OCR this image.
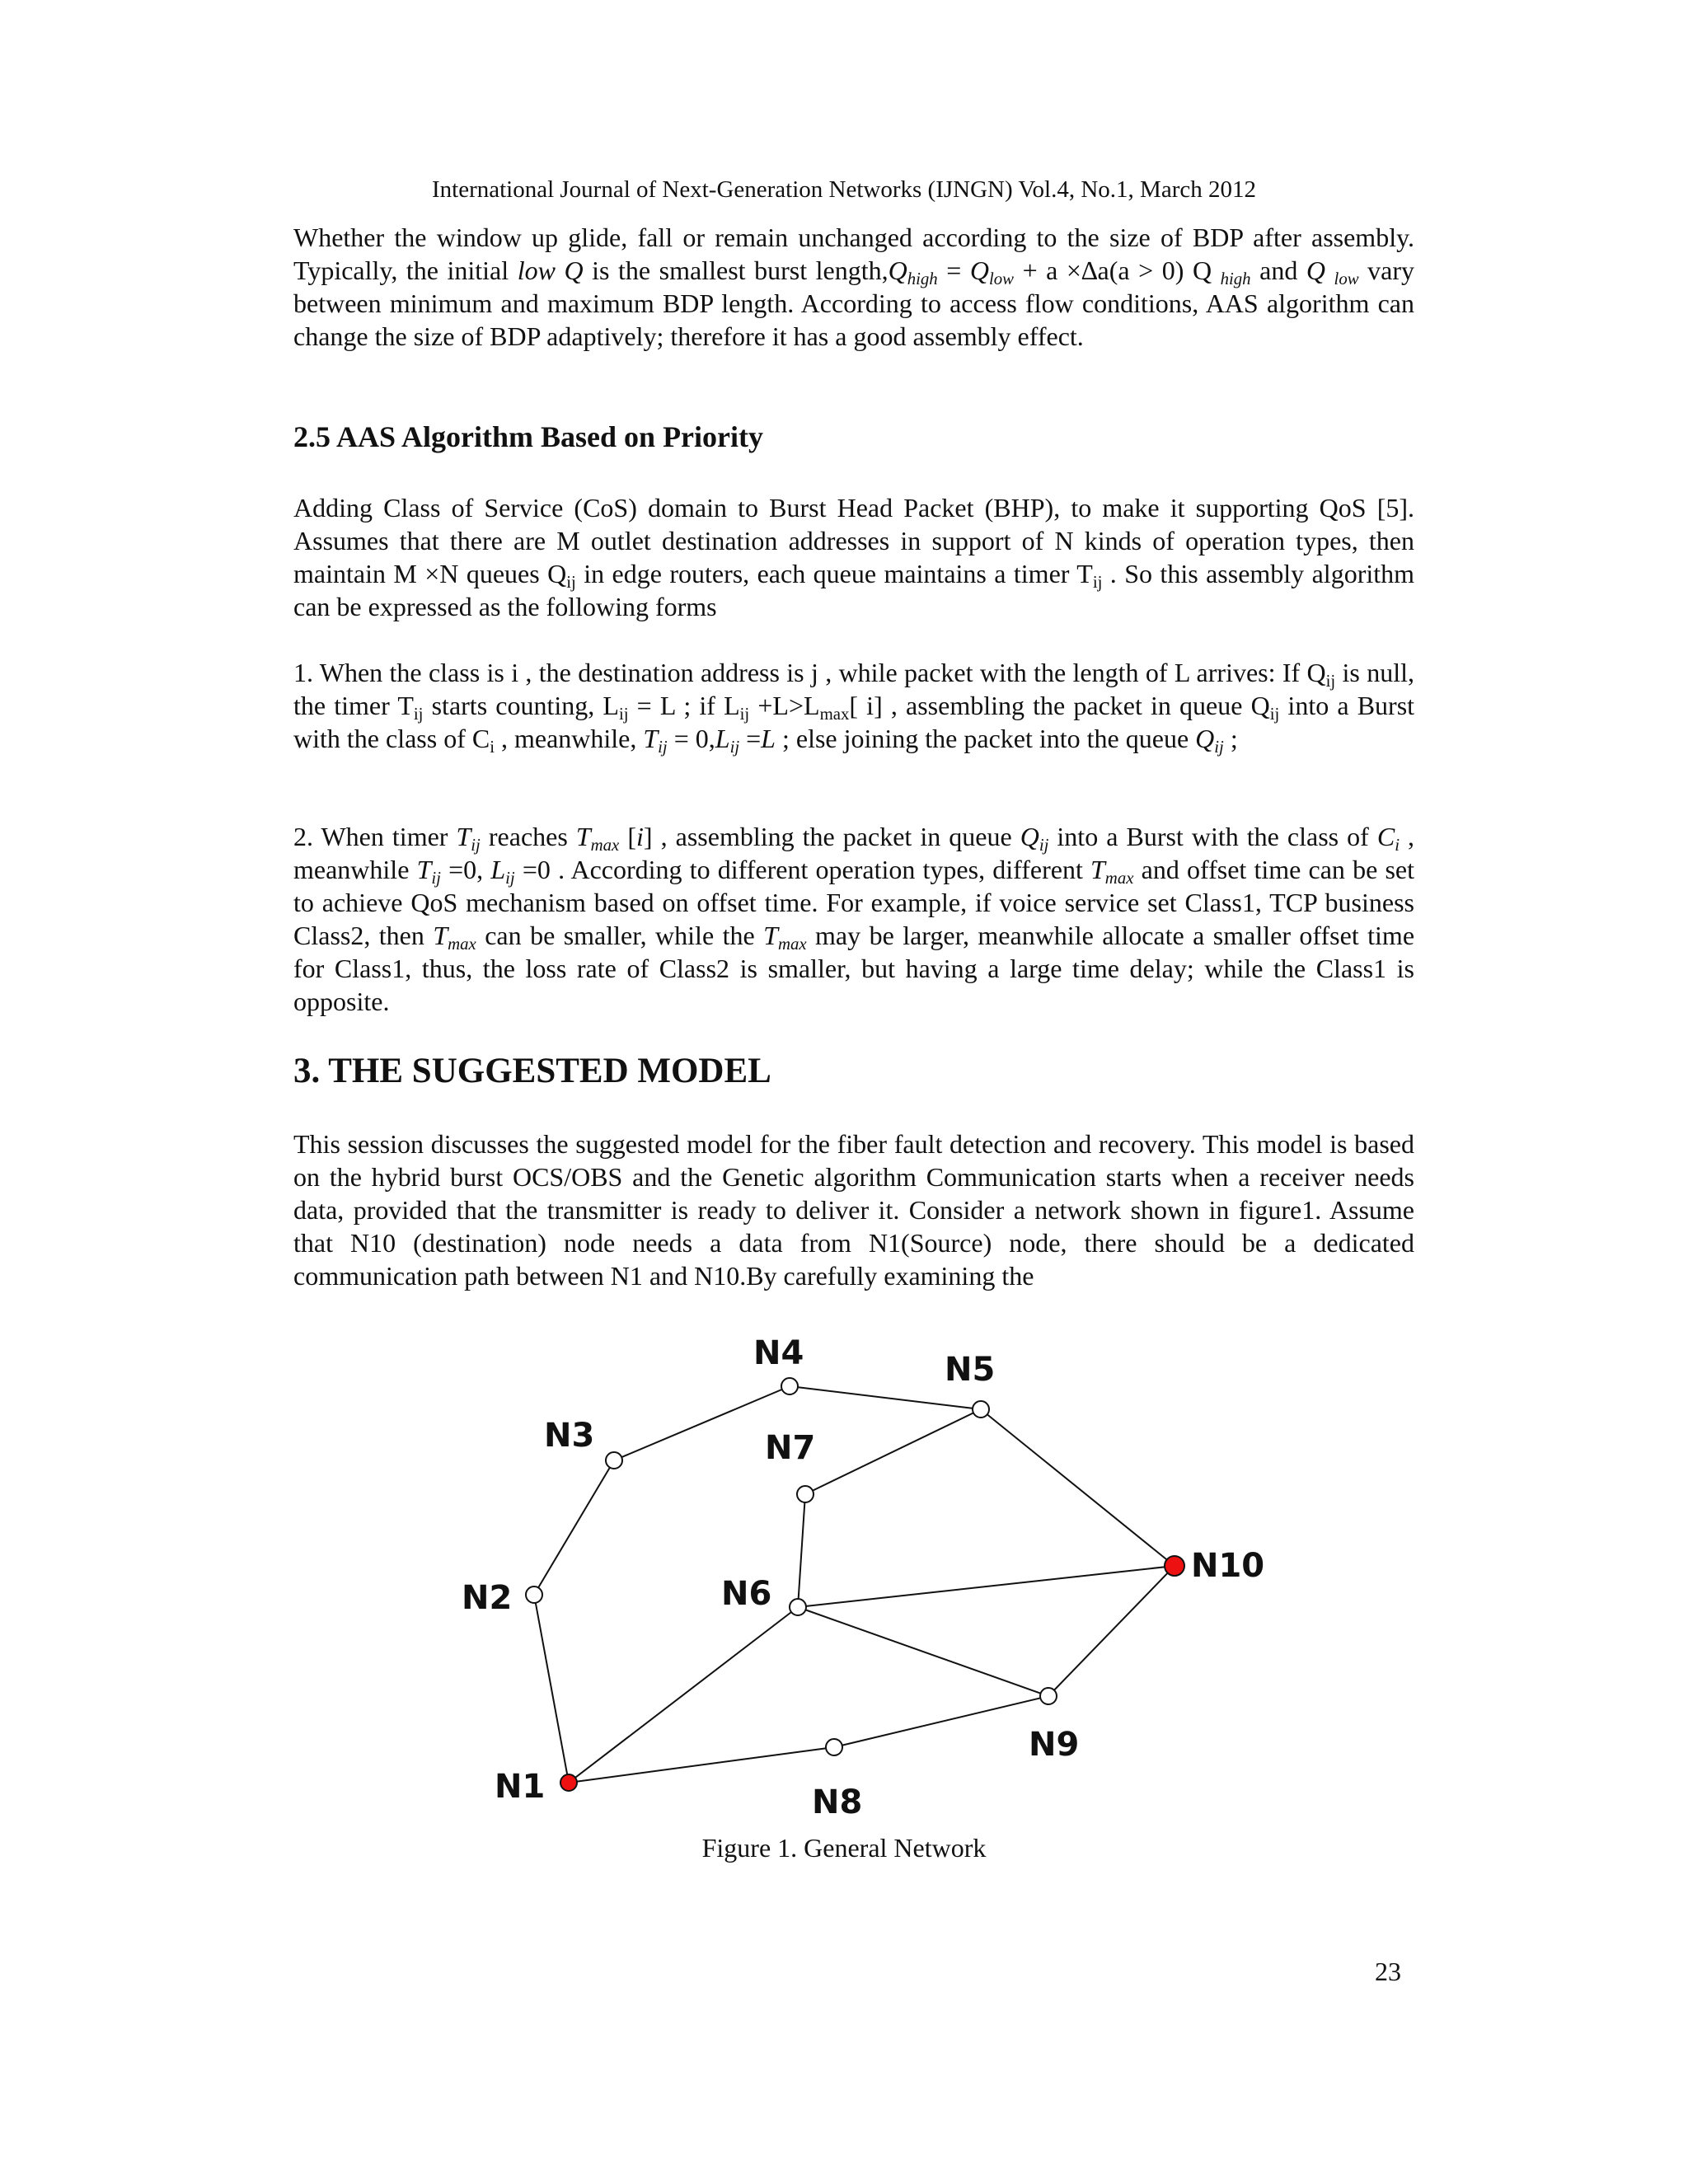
International Journal of Next-Generation Networks (IJNGN) Vol.4, No.1, March 2012
Whether the window up glide, fall or remain unchanged according to the size of BDP after assembly. Typically, the initial low Q is the smallest burst $length,Q_{high} = Q_{low} + a \times\Delta a(a > 0)$ Q $_{high}$ and Q $_{low}$ vary between minimum and maximum BDP length. According to access flow conditions, AAS algorithm can change the size of BDP adaptively; therefore it has a good assembly effect.
2.5 AAS Algorithm Based on Priority
Adding Class of Service (CoS) domain to Burst Head Packet (BHP), to make it supporting QoS [5]. Assumes that there are M outlet destination addresses in support of N kinds of operation types, then maintain M ×N queues $Q_{ij}$ in edge routers, each queue maintains a timer $T_{ij}$ . So this assembly algorithm can be expressed as the following forms
1. When the class is i , the destination address is j , while packet with the length of L arrives: If $Q_{ij}$ is null, the timer $T_{ij}$ starts counting, $L_{ij} = L$ ; if $L_{ij} +L>L_{max}$[ i] , assembling the packet in queue $Q_{ij}$ into a Burst with the class of $C_i$ , meanwhile, $T_{ij} = 0,L_{ij} =L$ ; else joining the packet into the queue $Q_{ij}$ ;
2. When timer $T_{ij}$ reaches $T_{max}$ [i] , assembling the packet in queue $Q_{ij}$ into a Burst with the class of $C_i$ , meanwhile $T_{ij} =0$, $L_{ij} =0$ . According to different operation types, different $T_{max}$ and offset time can be set to achieve QoS mechanism based on offset time. For example, if voice service set Class1, TCP business Class2, then $T_{max}$ can be smaller, while the $T_{max}$ may be larger, meanwhile allocate a smaller offset time for Class1, thus, the loss rate of Class2 is smaller, but having a large time delay; while the Class1 is opposite.
3. THE SUGGESTED MODEL
This session discusses the suggested model for the fiber fault detection and recovery. This model is based on the hybrid burst OCS/OBS and the Genetic algorithm Communication starts when a receiver needs data, provided that the transmitter is ready to deliver it. Consider a network shown in figure1. Assume that N10 (destination) node needs a data from N1(Source) node, there should be a dedicated communication path between N1 and N10.By carefully examining the
N1
N2
N3
N4	N5
N6
N7
N8
N9
N10
Figure 1. General Network
23
